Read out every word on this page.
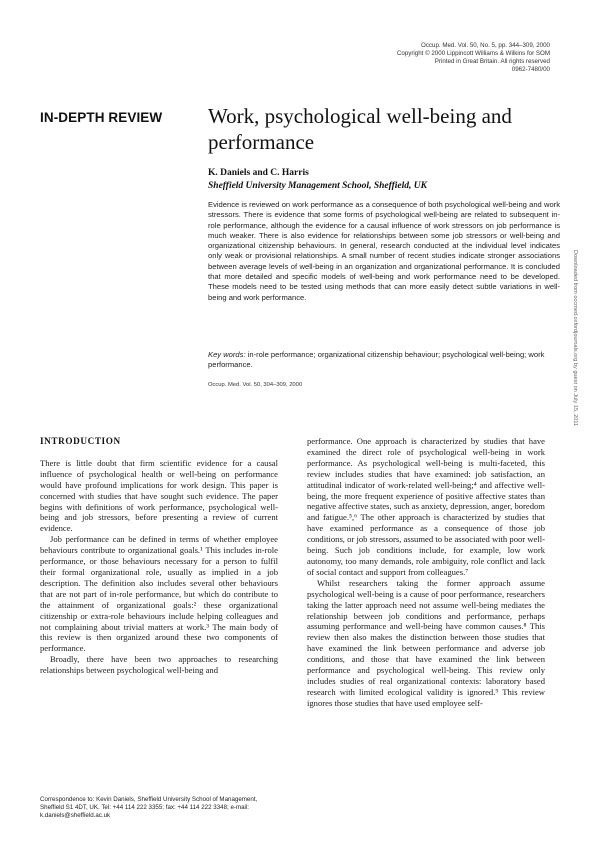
Occup. Med. Vol. 50, No. 5, pp. 344–309, 2000
Copyright © 2000 Lippincott Williams & Wilkins for SOM
Printed in Great Britain. All rights reserved
0962-7480/00
IN-DEPTH REVIEW Work, psychological well-being and performance
K. Daniels and C. Harris
Sheffield University Management School, Sheffield, UK

Evidence is reviewed on work performance as a consequence of both psychological well-being and work stressors. There is evidence that some forms of psychological well-being are related to subsequent in-role performance, although the evidence for a causal influence of work stressors on job performance is much weaker. There is also evidence for relationships between some job stressors or well-being and organizational citizenship behaviours. In general, research conducted at the individual level indicates only weak or provisional relationships. A small number of recent studies indicate stronger associations between average levels of well-being in an organization and organizational performance. It is concluded that more detailed and specific models of well-being and work performance need to be developed. These models need to be tested using methods that can more easily detect subtle variations in well-being and work performance.

Key words: in-role performance; organizational citizenship behaviour; psychological well-being; work performance.

Occup. Med. Vol. 50, 304–309, 2000	Downloaded from occmed.oxfordjournals.org by guest on July 15, 2011
INTRODUCTION

There is little doubt that firm scientific evidence for a causal influence of psychological health or well-being on performance would have profound implications for work design. This paper is concerned with studies that have sought such evidence. The paper begins with definitions of work performance, psychological well-being and job stressors, before presenting a review of current evidence.

Job performance can be defined in terms of whether employee behaviours contribute to organizational goals.¹ This includes in-role performance, or those behaviours necessary for a person to fulfil their formal organizational role, usually as implied in a job description. The definition also includes several other behaviours that are not part of in-role performance, but which do contribute to the attainment of organizational goals:² these organizational citizenship or extra-role behaviours include helping colleagues and not complaining about trivial matters at work.³ The main body of this review is then organized around these two components of performance.

Broadly, there have been two approaches to researching relationships between psychological well-being and

performance. One approach is characterized by studies that have examined the direct role of psychological well-being in work performance. As psychological well-being is multi-faceted, this review includes studies that have examined: job satisfaction, an attitudinal indicator of work-related well-being;⁴ and affective well-being, the more frequent experience of positive affective states than negative affective states, such as anxiety, depression, anger, boredom and fatigue.⁵,⁶ The other approach is characterized by studies that have examined performance as a consequence of those job conditions, or job stressors, assumed to be associated with poor well-being. Such job conditions include, for example, low work autonomy, too many demands, role ambiguity, role conflict and lack of social contact and support from colleagues.⁷

Whilst researchers taking the former approach assume psychological well-being is a cause of poor performance, researchers taking the latter approach need not assume well-being mediates the relationship between job conditions and performance, perhaps assuming performance and well-being have common causes.⁸ This review then also makes the distinction between those studies that have examined the link between performance and adverse job conditions, and those that have examined the link between performance and psychological well-being. This review only includes studies of real organizational contexts: laboratory based research with limited ecological validity is ignored.⁹ This review ignores those studies that have used employee self-

Correspondence to: Kevin Daniels, Sheffield University School of Management, Sheffield S1 4DT, UK. Tel: +44 114 222 3355; fax: +44 114 222 3348; e-mail: k.daniels@sheffield.ac.uk
